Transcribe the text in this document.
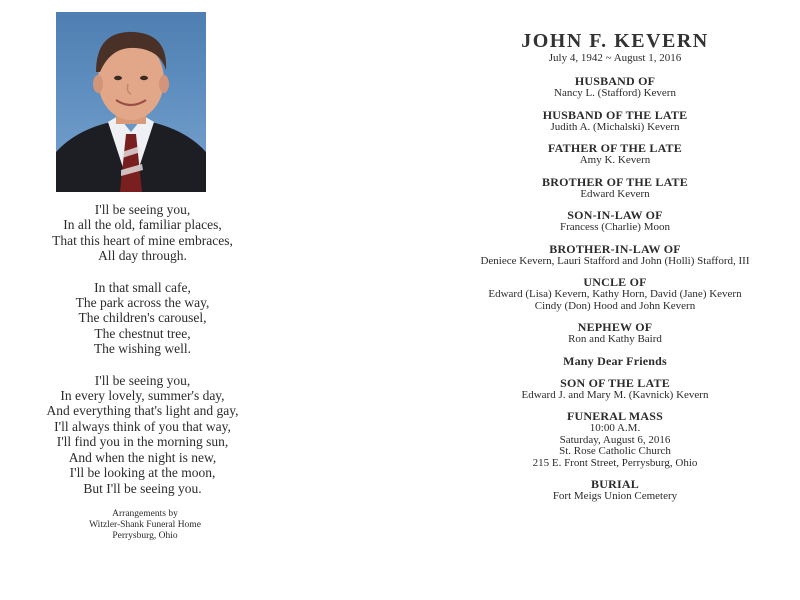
I'll be seeing you,
In all the old, familiar places,
That this heart of mine embraces,
All day through.
In that small cafe,
The park across the way,
The children's carousel,
The chestnut tree,
The wishing well.
I'll be seeing you,
In every lovely, summer's day,
And everything that's light and gay,
I'll always think of you that way,
I'll find you in the morning sun,
And when the night is new,
I'll be looking at the moon,
But I'll be seeing you.
Arrangements by
Witzler-Shank Funeral Home
Perrysburg, Ohio
JOHN F. KEVERN
July 4, 1942 ~ August 1, 2016
HUSBAND OF
Nancy L. (Stafford) Kevern
HUSBAND OF THE LATE
Judith A. (Michalski) Kevern
FATHER OF THE LATE
Amy K. Kevern
BROTHER OF THE LATE
Edward Kevern
SON-IN-LAW OF
Francess (Charlie) Moon
BROTHER-IN-LAW OF
Deniece Kevern, Lauri Stafford and John (Holli) Stafford, III
UNCLE OF
Edward (Lisa) Kevern, Kathy Horn, David (Jane) Kevern
Cindy (Don) Hood and John Kevern
NEPHEW OF
Ron and Kathy Baird
Many Dear Friends
SON OF THE LATE
Edward J. and Mary M. (Kavnick) Kevern
FUNERAL MASS
10:00 A.M.
Saturday, August 6, 2016
St. Rose Catholic Church
215 E. Front Street, Perrysburg, Ohio
BURIAL
Fort Meigs Union Cemetery
